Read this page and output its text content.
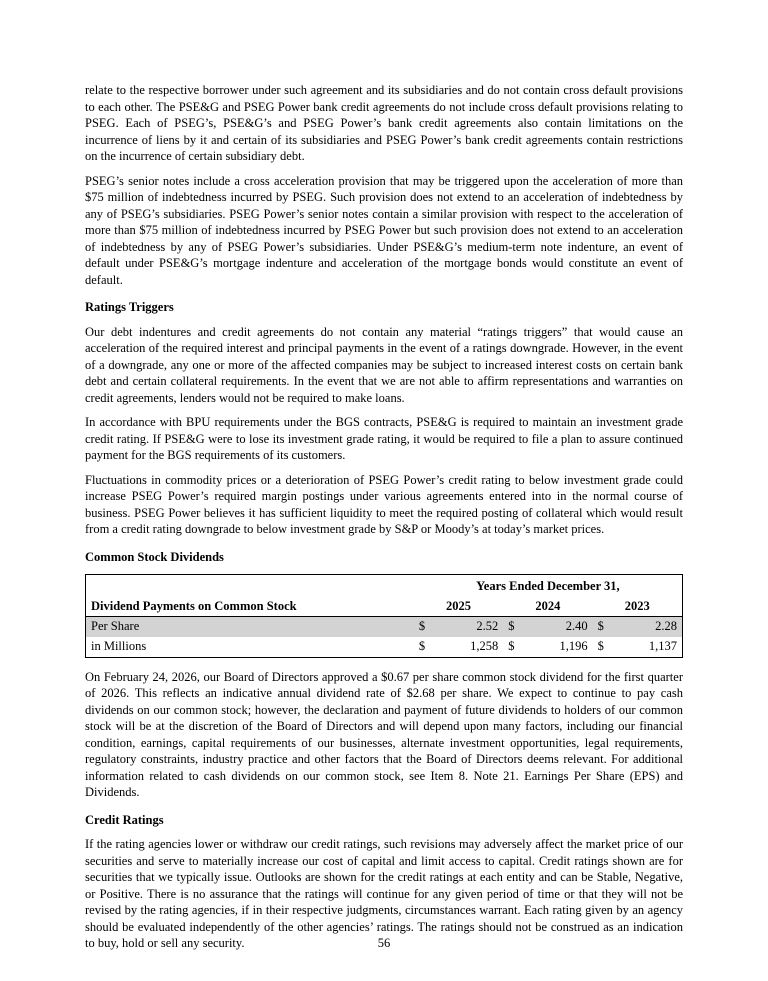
relate to the respective borrower under such agreement and its subsidiaries and do not contain cross default provisions to each other. The PSE&G and PSEG Power bank credit agreements do not include cross default provisions relating to PSEG. Each of PSEG’s, PSE&G’s and PSEG Power’s bank credit agreements also contain limitations on the incurrence of liens by it and certain of its subsidiaries and PSEG Power’s bank credit agreements contain restrictions on the incurrence of certain subsidiary debt.

PSEG’s senior notes include a cross acceleration provision that may be triggered upon the acceleration of more than $75 million of indebtedness incurred by PSEG. Such provision does not extend to an acceleration of indebtedness by any of PSEG’s subsidiaries. PSEG Power’s senior notes contain a similar provision with respect to the acceleration of more than $75 million of indebtedness incurred by PSEG Power but such provision does not extend to an acceleration of indebtedness by any of PSEG Power’s subsidiaries. Under PSE&G’s medium-term note indenture, an event of default under PSE&G’s mortgage indenture and acceleration of the mortgage bonds would constitute an event of default.

Ratings Triggers

Our debt indentures and credit agreements do not contain any material “ratings triggers” that would cause an acceleration of the required interest and principal payments in the event of a ratings downgrade. However, in the event of a downgrade, any one or more of the affected companies may be subject to increased interest costs on certain bank debt and certain collateral requirements. In the event that we are not able to affirm representations and warranties on credit agreements, lenders would not be required to make loans.

In accordance with BPU requirements under the BGS contracts, PSE&G is required to maintain an investment grade credit rating. If PSE&G were to lose its investment grade rating, it would be required to file a plan to assure continued payment for the BGS requirements of its customers.

Fluctuations in commodity prices or a deterioration of PSEG Power’s credit rating to below investment grade could increase PSEG Power’s required margin postings under various agreements entered into in the normal course of business. PSEG Power believes it has sufficient liquidity to meet the required posting of collateral which would result from a credit rating downgrade to below investment grade by S&P or Moody’s at today’s market prices.

Common Stock Dividends
	Years Ended December 31,					
Dividend Payments on Common Stock	2025		2024		2023	
Per Share	$	2.52	$	2.40	$	2.28
in Millions	$	1,258	$	1,196	$	1,137

On February 24, 2026, our Board of Directors approved a $0.67 per share common stock dividend for the first quarter of 2026. This reflects an indicative annual dividend rate of $2.68 per share. We expect to continue to pay cash dividends on our common stock; however, the declaration and payment of future dividends to holders of our common stock will be at the discretion of the Board of Directors and will depend upon many factors, including our financial condition, earnings, capital requirements of our businesses, alternate investment opportunities, legal requirements, regulatory constraints, industry practice and other factors that the Board of Directors deems relevant. For additional information related to cash dividends on our common stock, see Item 8. Note 21. Earnings Per Share (EPS) and Dividends.

Credit Ratings

If the rating agencies lower or withdraw our credit ratings, such revisions may adversely affect the market price of our securities and serve to materially increase our cost of capital and limit access to capital. Credit ratings shown are for securities that we typically issue. Outlooks are shown for the credit ratings at each entity and can be Stable, Negative, or Positive. There is no assurance that the ratings will continue for any given period of time or that they will not be revised by the rating agencies, if in their respective judgments, circumstances warrant. Each rating given by an agency should be evaluated independently of the other agencies’ ratings. The ratings should not be construed as an indication to buy, hold or sell any security.	56
